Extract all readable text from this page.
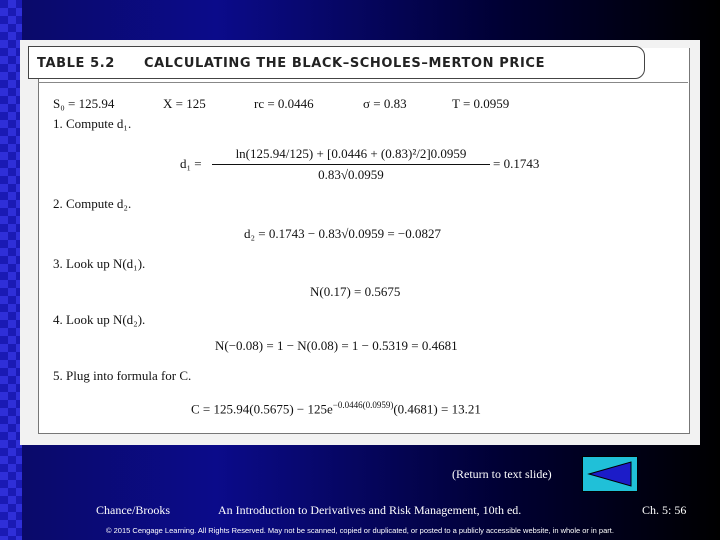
TABLE 5.2 CALCULATING THE BLACK–SCHOLES–MERTON PRICE
S₀ = 125.94	X = 125	rc = 0.0446	σ = 0.83	T = 0.0959
1. Compute d₁.
d₁ =
ln(125.94/125) + [0.0446 + (0.83)²/2]0.0959
0.83√0.0959
= 0.1743
2. Compute d₂.
d₂ = 0.1743 − 0.83√0.0959 = −0.0827
3. Look up N(d₁).
N(0.17) = 0.5675
4. Look up N(d₂).
N(−0.08) = 1 − N(0.08) = 1 − 0.5319 = 0.4681
5. Plug into formula for C.
$C = 125.94(0.5675) - 125e^{-0.0446(0.0959)}(0.4681) = 13.21$
(Return to text slide)
Chance/Brooks	An Introduction to Derivatives and Risk Management, 10th ed.	Ch. 5: 56
© 2015 Cengage Learning. All Rights Reserved. May not be scanned, copied or duplicated, or posted to a publicly accessible website, in whole or in part.
